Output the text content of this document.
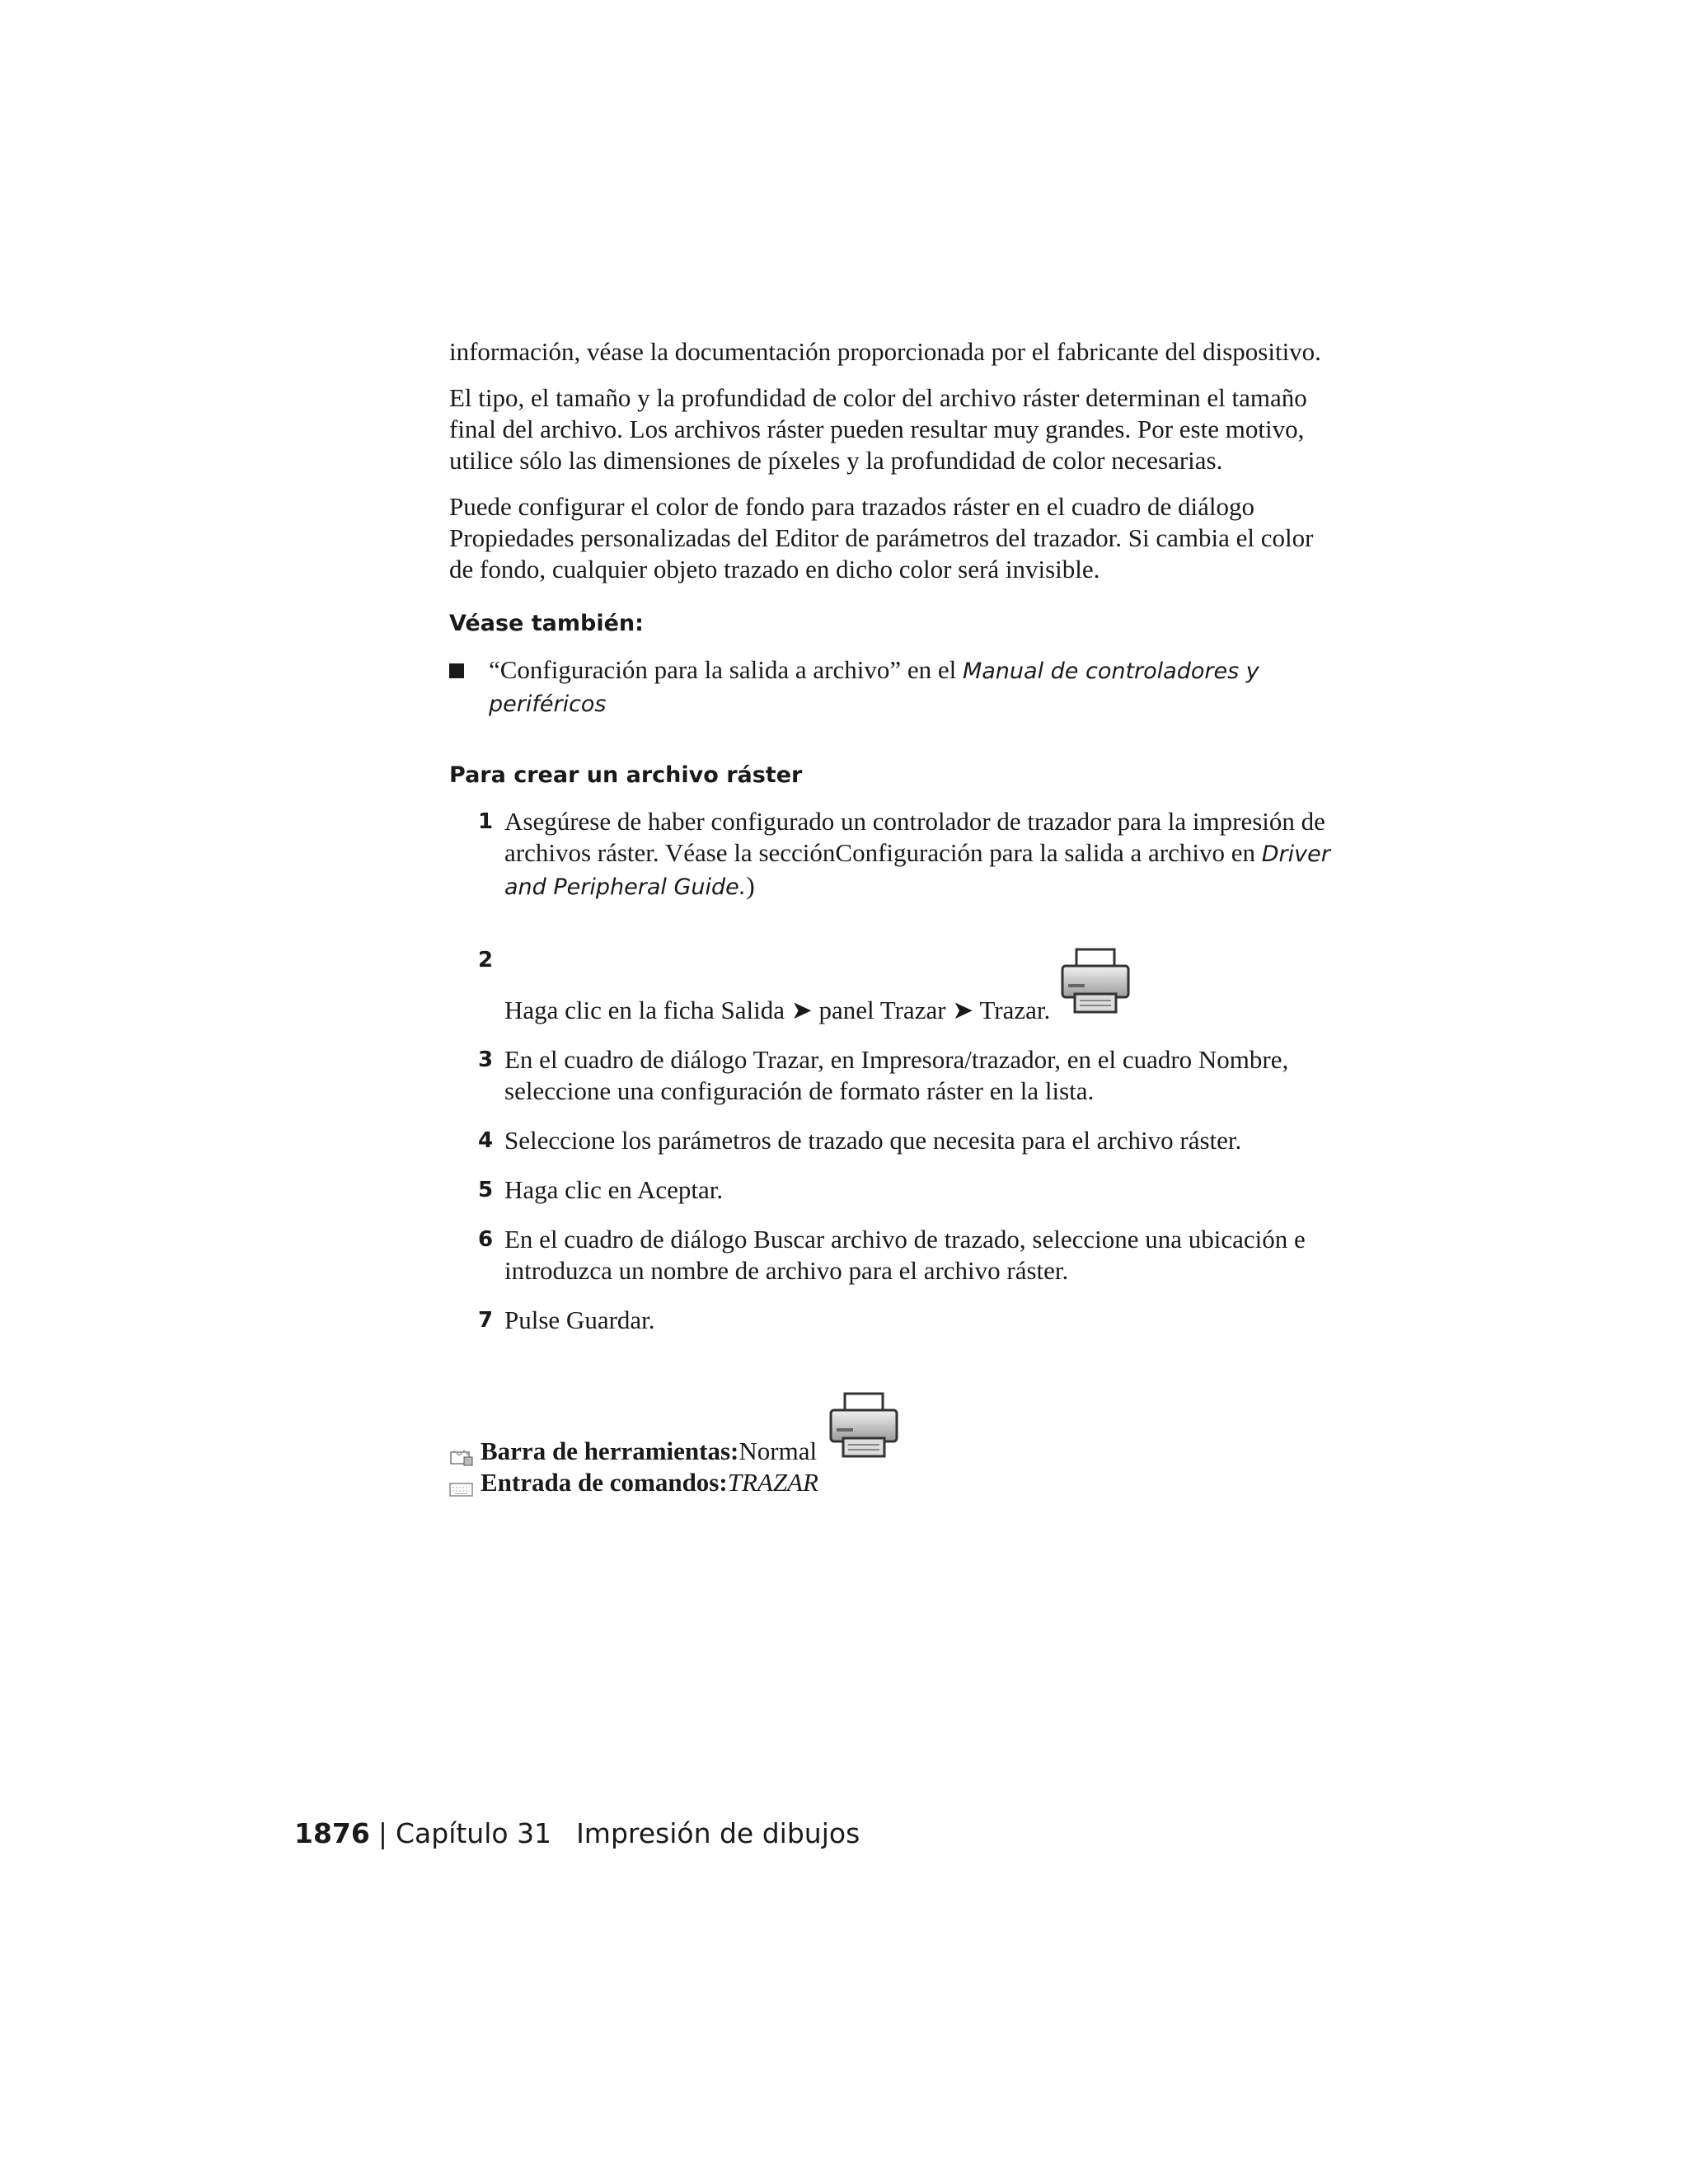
información, véase la documentación proporcionada por el fabricante del dispositivo.

El tipo, el tamaño y la profundidad de color del archivo ráster determinan el tamaño final del archivo. Los archivos ráster pueden resultar muy grandes. Por este motivo, utilice sólo las dimensiones de píxeles y la profundidad de color necesarias.

Puede configurar el color de fondo para trazados ráster en el cuadro de diálogo Propiedades personalizadas del Editor de parámetros del trazador. Si cambia el color de fondo, cualquier objeto trazado en dicho color será invisible.

Véase también:
“Configuración para la salida a archivo” en el Manual de controladores y periféricos
Para crear un archivo ráster
1 Asegúrese de haber configurado un controlador de trazador para la impresión de archivos ráster. Véase la secciónConfiguración para la salida a archivo en Driver and Peripheral Guide.)
2
Haga clic en la ficha Salida ➤ panel Trazar ➤ Trazar.
3 En el cuadro de diálogo Trazar, en Impresora/trazador, en el cuadro Nombre, seleccione una configuración de formato ráster en la lista.
4 Seleccione los parámetros de trazado que necesita para el archivo ráster.
5 Haga clic en Aceptar.
6 En el cuadro de diálogo Buscar archivo de trazado, seleccione una ubicación e introduzca un nombre de archivo para el archivo ráster.
7 Pulse Guardar.
Barra de herramientas: Normal
Entrada de comandos: TRAZAR
1876 | Capítulo 31 Impresión de dibujos
